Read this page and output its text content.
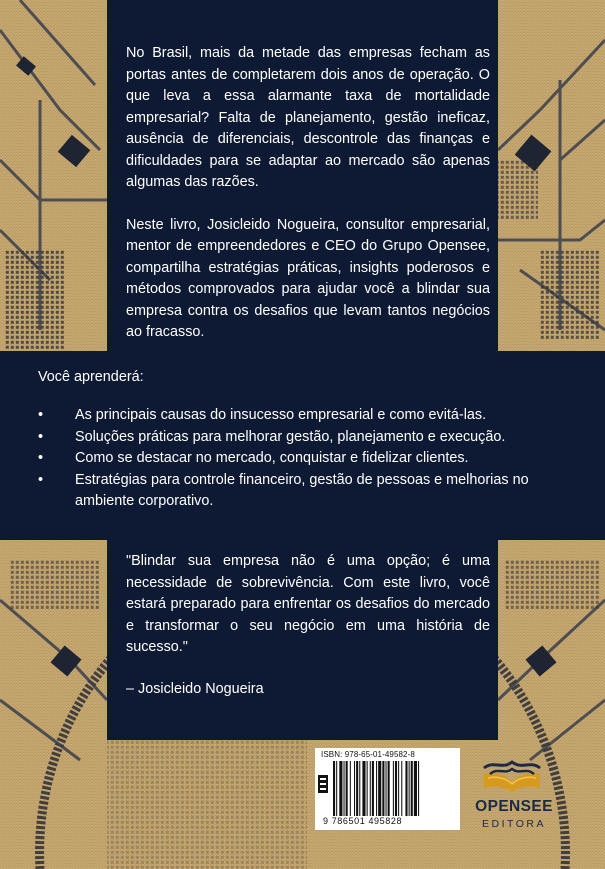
No Brasil, mais da metade das empresas fecham as portas antes de completarem dois anos de operação. O que leva a essa alarmante taxa de mortalidade empresarial? Falta de planejamento, gestão ineficaz, ausência de diferenciais, descontrole das finanças e dificuldades para se adaptar ao mercado são apenas algumas das razões.

Neste livro, Josicleido Nogueira, consultor empresarial, mentor de empreendedores e CEO do Grupo Opensee, compartilha estratégias práticas, insights poderosos e métodos comprovados para ajudar você a blindar sua empresa contra os desafios que levam tantos negócios ao fracasso.

Você aprenderá:

• As principais causas do insucesso empresarial e como evitá-las.
• Soluções práticas para melhorar gestão, planejamento e execução.
• Como se destacar no mercado, conquistar e fidelizar clientes.
• Estratégias para controle financeiro, gestão de pessoas e melhorias no ambiente corporativo.

"Blindar sua empresa não é uma opção; é uma necessidade de sobrevivência. Com este livro, você estará preparado para enfrentar os desafios do mercado e transformar o seu negócio em uma história de sucesso."

– Josicleido Nogueira

ISBN: 978-65-01-49582-8
9 786501 495828
OPENSEE
EDITORA
